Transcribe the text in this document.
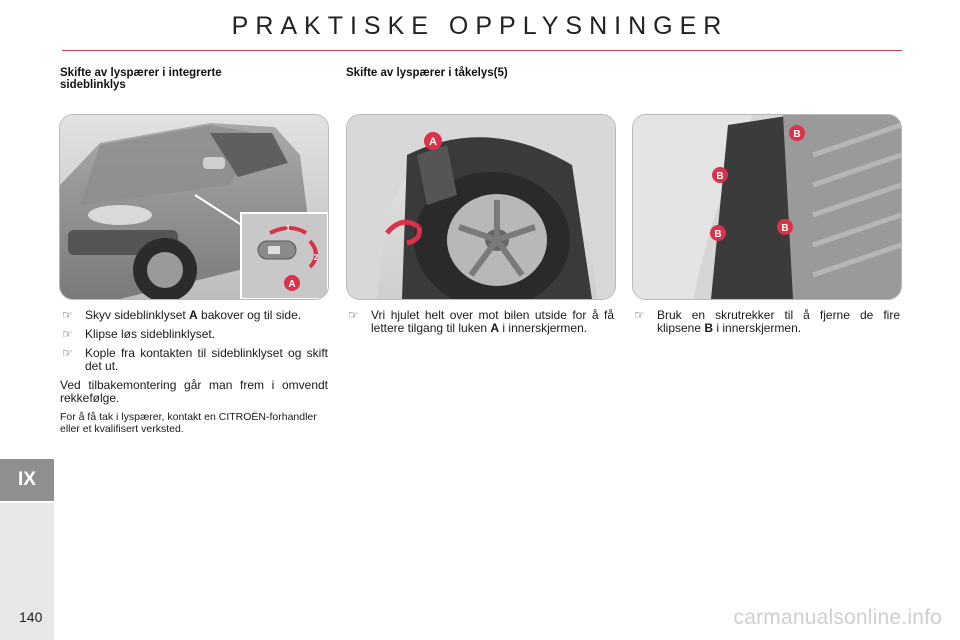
PRAKTISKE OPPLYSNINGER
Skifte av lyspærer i integrerte
sideblinklys
Skifte av lyspærer i tåkelys(5)
A
1
2
A
B
B
B
B
☞ Skyv sideblinklyset A bakover og til side.
☞ Klipse løs sideblinklyset.
☞ Kople fra kontakten til sideblinklyset og skift det ut.

Ved tilbakemontering går man frem i omvendt rekkefølge.

For å få tak i lyspærer, kontakt en CITROËN-forhandler eller et kvalifisert verksted.

☞ Vri hjulet helt over mot bilen utside for å få lettere tilgang til luken A i innerskjermen.
☞ Bruk en skrutrekker til å fjerne de fire klipsene B i innerskjermen.
IX
140	carmanualsonline.info
